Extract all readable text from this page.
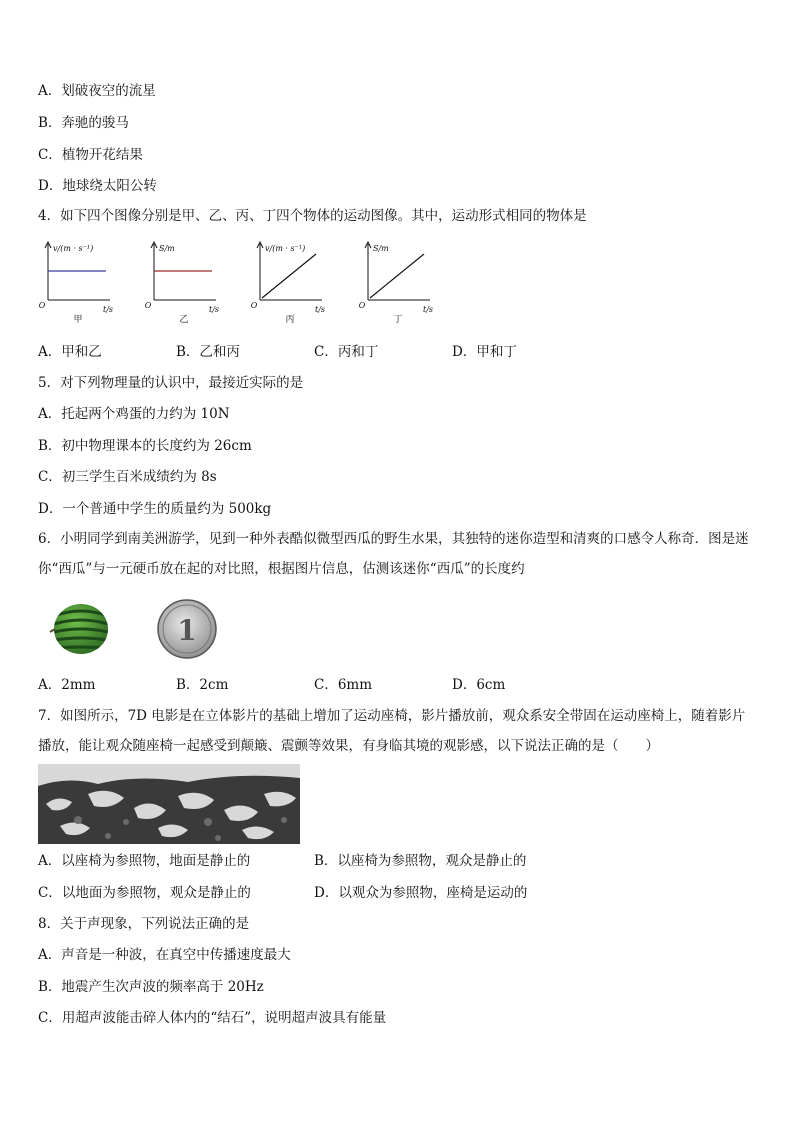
A．划破夜空的流星
B．奔驰的骏马
C．植物开花结果
D．地球绕太阳公转
4．如下四个图像分别是甲、乙、丙、丁四个物体的运动图像。其中，运动形式相同的物体是
v/(m · s⁻¹)
t/s
O
甲
S/m
t/s
O
乙
v/(m · s⁻¹)
t/s
O
丙
S/m
t/s
O
丁
A．甲和乙	B．乙和丙	C．丙和丁	D．甲和丁
5．对下列物理量的认识中，最接近实际的是
A．托起两个鸡蛋的力约为 10N
B．初中物理课本的长度约为 26cm
C．初三学生百米成绩约为 8s
D．一个普通中学生的质量约为 500kg
6．小明同学到南美洲游学，见到一种外表酷似微型西瓜的野生水果，其独特的迷你造型和清爽的口感令人称奇．图是迷你“西瓜”与一元硬币放在起的对比照，根据图片信息，估测该迷你“西瓜”的长度约
1
A．2mm	B．2cm	C．6mm	D．6cm
7．如图所示，7D 电影是在立体影片的基础上增加了运动座椅，影片播放前，观众系安全带固在运动座椅上，随着影片播放，能让观众随座椅一起感受到颠簸、震颤等效果，有身临其境的观影感，以下说法正确的是（　　）
A．以座椅为参照物，地面是静止的	B．以座椅为参照物，观众是静止的
C．以地面为参照物，观众是静止的	D．以观众为参照物，座椅是运动的
8．关于声现象，下列说法正确的是
A．声音是一种波，在真空中传播速度最大
B．地震产生次声波的频率高于 20Hz
C．用超声波能击碎人体内的“结石”，说明超声波具有能量
